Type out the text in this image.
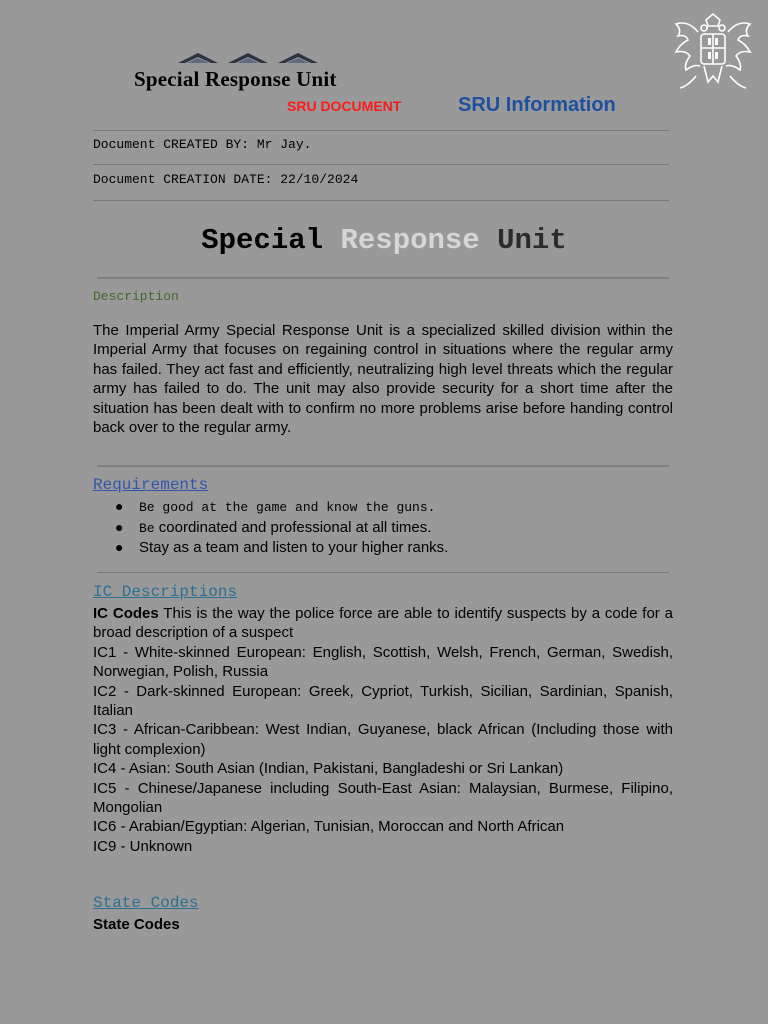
Special Response Unit
SRU DOCUMENT	SRU Information
Document CREATED BY: Mr Jay.
Document CREATION DATE: 22/10/2024
Special Response Unit
Description
The Imperial Army Special Response Unit is a specialized skilled division within the Imperial Army that focuses on regaining control in situations where the regular army has failed. They act fast and efficiently, neutralizing high level threats which the regular army has failed to do. The unit may also provide security for a short time after the situation has been dealt with to confirm no more problems arise before handing control back over to the regular army.
Requirements
● Be good at the game and know the guns.
● Be coordinated and professional at all times.
● Stay as a team and listen to your higher ranks.
IC Descriptions

IC Codes This is the way the police force are able to identify suspects by a code for a broad description of a suspect

IC1 - White-skinned European: English, Scottish, Welsh, French, German, Swedish, Norwegian, Polish, Russia

IC2 - Dark-skinned European: Greek, Cypriot, Turkish, Sicilian, Sardinian, Spanish, Italian

IC3 - African-Caribbean: West Indian, Guyanese, black African (Including those with light complexion)

IC4 - Asian: South Asian (Indian, Pakistani, Bangladeshi or Sri Lankan)

IC5 - Chinese/Japanese including South-East Asian: Malaysian, Burmese, Filipino, Mongolian

IC6 - Arabian/Egyptian: Algerian, Tunisian, Moroccan and North African

IC9 - Unknown

State Codes
State Codes
